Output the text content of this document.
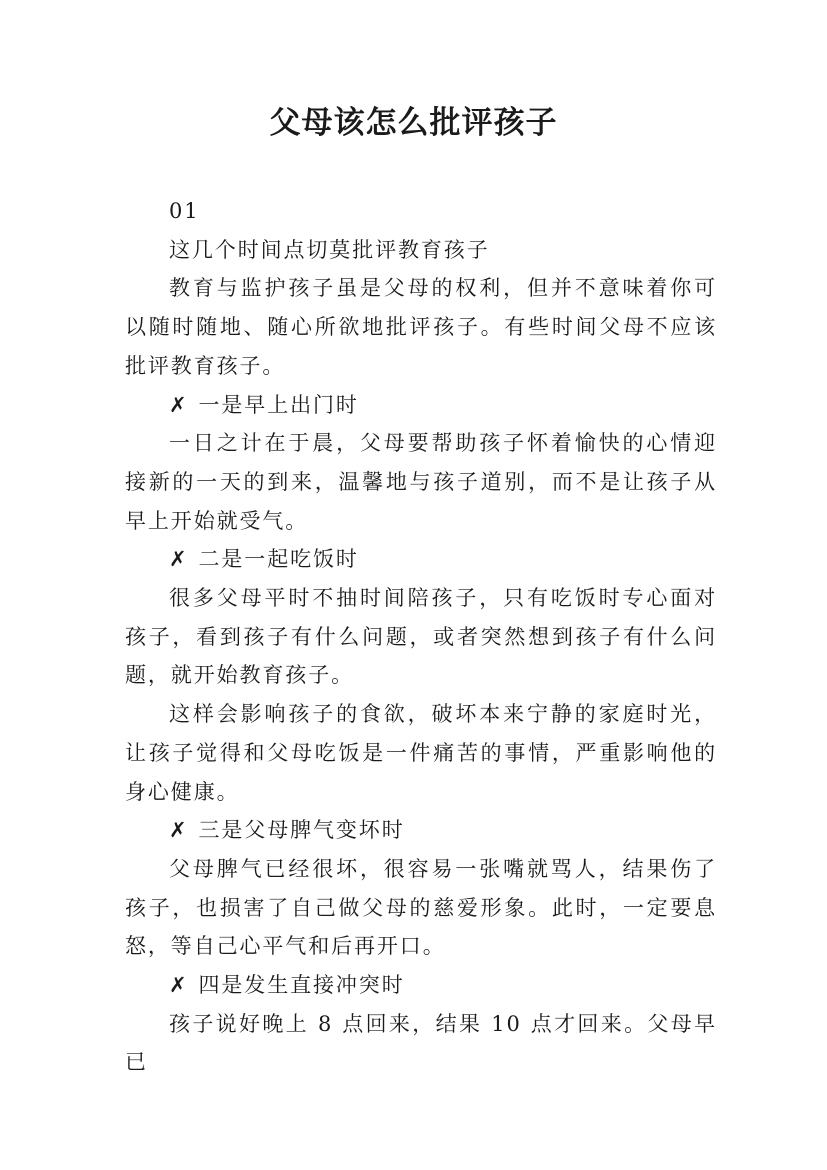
父母该怎么批评孩子

01

这几个时间点切莫批评教育孩子

教育与监护孩子虽是父母的权利，但并不意味着你可以随时随地、随心所欲地批评孩子。有些时间父母不应该批评教育孩子。

✗ 一是早上出门时

一日之计在于晨，父母要帮助孩子怀着愉快的心情迎接新的一天的到来，温馨地与孩子道别，而不是让孩子从早上开始就受气。

✗ 二是一起吃饭时

很多父母平时不抽时间陪孩子，只有吃饭时专心面对孩子，看到孩子有什么问题，或者突然想到孩子有什么问题，就开始教育孩子。

这样会影响孩子的食欲，破坏本来宁静的家庭时光，让孩子觉得和父母吃饭是一件痛苦的事情，严重影响他的身心健康。

✗ 三是父母脾气变坏时

父母脾气已经很坏，很容易一张嘴就骂人，结果伤了孩子，也损害了自己做父母的慈爱形象。此时，一定要息怒，等自己心平气和后再开口。

✗ 四是发生直接冲突时

孩子说好晚上 8 点回来，结果 10 点才回来。父母早已
